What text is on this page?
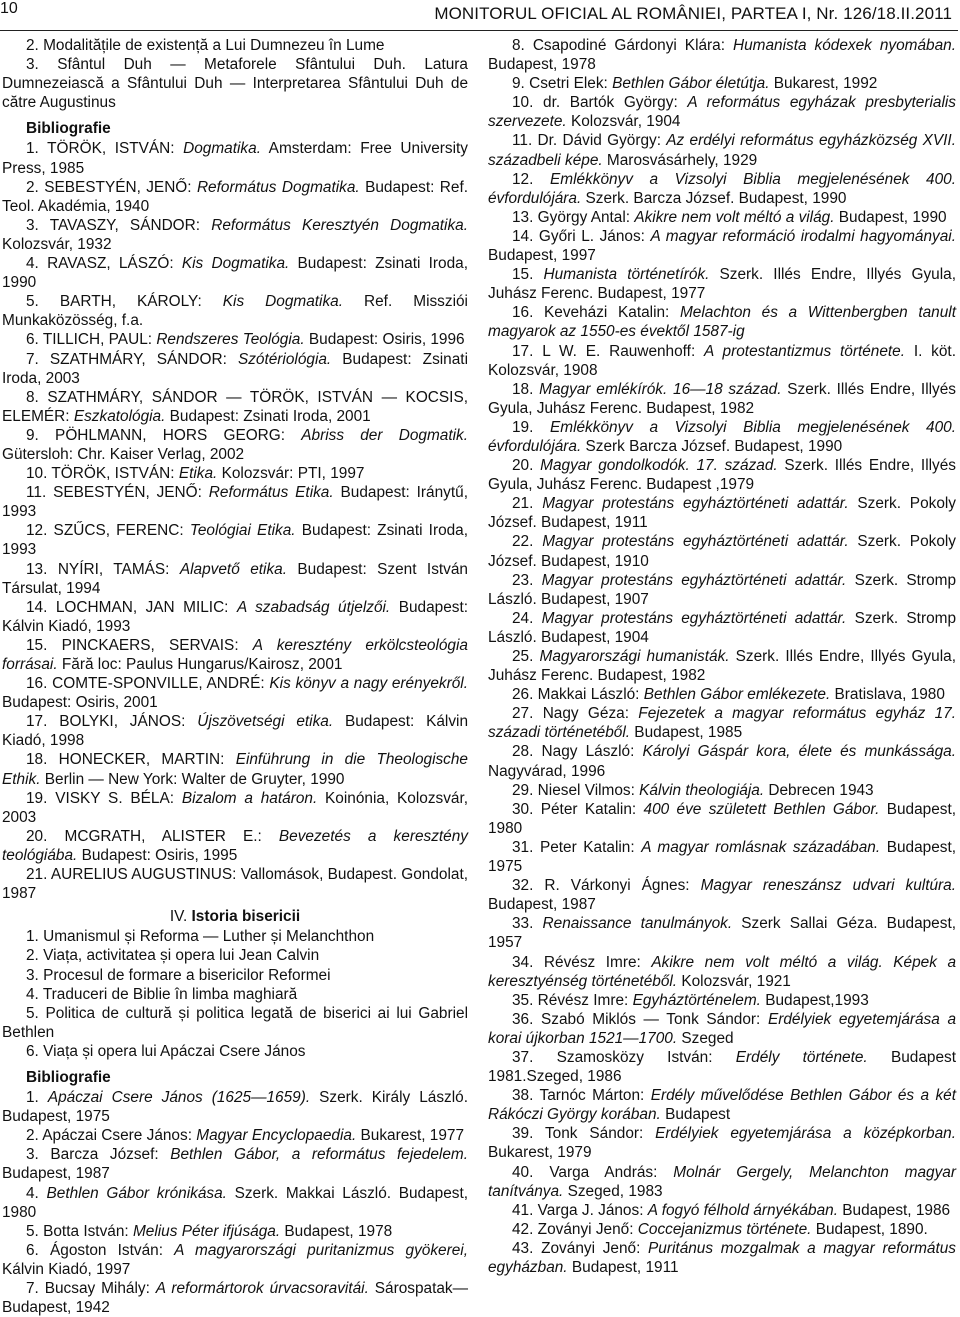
10	MONITORUL OFICIAL AL ROMÂNIEI, PARTEA I, Nr. 126/18.II.2011

2. Modalitățile de existență a Lui Dumnezeu în Lume

3. Sfântul Duh — Metaforele Sfântului Duh. Latura Dumnezeiască a Sfântului Duh — Interpretarea Sfântului Duh de către Augustinus

Bibliografie

1. TÖRÖK, ISTVÁN: Dogmatika. Amsterdam: Free University Press, 1985

2. SEBESTYÉN, JENŐ: Református Dogmatika. Budapest: Ref. Teol. Akadémia, 1940

3. TAVASZY, SÁNDOR: Református Keresztyén Dogmatika. Kolozsvár, 1932

4. RAVASZ, LÁSZÓ: Kis Dogmatika. Budapest: Zsinati Iroda, 1990

5. BARTH, KÁROLY: Kis Dogmatika. Ref. Missziói Munkaközösség, f.a.

6. TILLICH, PAUL: Rendszeres Teológia. Budapest: Osiris, 1996

7. SZATHMÁRY, SÁNDOR: Szótériológia. Budapest: Zsinati Iroda, 2003

8. SZATHMÁRY, SÁNDOR — TÖRÖK, ISTVÁN — KOCSIS, ELEMÉR: Eszkatológia. Budapest: Zsinati Iroda, 2001

9. PÖHLMANN, HORS GEORG: Abriss der Dogmatik. Gütersloh: Chr. Kaiser Verlag, 2002

10. TÖRÖK, ISTVÁN: Etika. Kolozsvár: PTI, 1997

11. SEBESTYÉN, JENŐ: Református Etika. Budapest: Iránytű, 1993

12. SZŰCS, FERENC: Teológiai Etika. Budapest: Zsinati Iroda, 1993

13. NYÍRI, TAMÁS: Alapvető etika. Budapest: Szent István Társulat, 1994

14. LOCHMAN, JAN MILIC: A szabadság útjelzői. Budapest: Kálvin Kiadó, 1993

15. PINCKAERS, SERVAIS: A keresztény erkölcsteológia forrásai. Fără loc: Paulus Hungarus/Kairosz, 2001

16. COMTE-SPONVILLE, ANDRÉ: Kis könyv a nagy erényekről. Budapest: Osiris, 2001

17. BOLYKI, JÁNOS: Újszövetségi etika. Budapest: Kálvin Kiadó, 1998

18. HONECKER, MARTIN: Einführung in die Theologische Ethik. Berlin — New York: Walter de Gruyter, 1990

19. VISKY S. BÉLA: Bizalom a határon. Koinónia, Kolozsvár, 2003

20. MCGRATH, ALISTER E.: Bevezetés a keresztény teológiába. Budapest: Osiris, 1995

21. AURELIUS AUGUSTINUS: Vallomások, Budapest. Gondolat, 1987

IV. Istoria bisericii

1. Umanismul și Reforma — Luther și Melanchthon

2. Viața, activitatea și opera lui Jean Calvin

3. Procesul de formare a bisericilor Reformei

4. Traduceri de Biblie în limba maghiară

5. Politica de cultură și politica legată de biserici ai lui Gabriel Bethlen

6. Viața și opera lui Apáczai Csere János

Bibliografie

1. Apáczai Csere János (1625—1659). Szerk. Király László. Budapest, 1975

2. Apáczai Csere János: Magyar Encyclopaedia. Bukarest, 1977

3. Barcza József: Bethlen Gábor, a református fejedelem. Budapest, 1987

4. Bethlen Gábor krónikása. Szerk. Makkai László. Budapest, 1980

5. Botta István: Melius Péter ifjúsága. Budapest, 1978

6. Ágoston István: A magyarországi puritanizmus gyökerei, Kálvin Kiadó, 1997

7. Bucsay Mihály: A reformártorok úrvacsoravitái. Sárospatak—Budapest, 1942

8. Csapodiné Gárdonyi Klára: Humanista kódexek nyomában. Budapest, 1978

9. Csetri Elek: Bethlen Gábor életútja. Bukarest, 1992

10. dr. Bartók György: A református egyházak presbyterialis szervezete. Kolozsvár, 1904

11. Dr. Dávid György: Az erdélyi református egyházközség XVII. századbeli képe. Marosvásárhely, 1929

12. Emlékkönyv a Vizsolyi Biblia megjelenésének 400. évfordulójára. Szerk. Barcza József. Budapest, 1990

13. György Antal: Akikre nem volt méltó a világ. Budapest, 1990

14. Győri L. János: A magyar reformáció irodalmi hagyományai. Budapest, 1997

15. Humanista történetírók. Szerk. Illés Endre, Illyés Gyula, Juhász Ferenc. Budapest, 1977

16. Keveházi Katalin: Melachton és a Wittenbergben tanult magyarok az 1550-es évektől 1587-ig

17. L W. E. Rauwenhoff: A protestantizmus története. I. köt. Kolozsvár, 1908

18. Magyar emlékírók. 16—18 század. Szerk. Illés Endre, Illyés Gyula, Juhász Ferenc. Budapest, 1982

19. Emlékkönyv a Vizsolyi Biblia megjelenésének 400. évfordulójára. Szerk Barcza József. Budapest, 1990

20. Magyar gondolkodók. 17. század. Szerk. Illés Endre, Illyés Gyula, Juhász Ferenc. Budapest ,1979

21. Magyar protestáns egyháztörténeti adattár. Szerk. Pokoly József. Budapest, 1911

22. Magyar protestáns egyháztörténeti adattár. Szerk. Pokoly József. Budapest, 1910

23. Magyar protestáns egyháztörténeti adattár. Szerk. Stromp László. Budapest, 1907

24. Magyar protestáns egyháztörténeti adattár. Szerk. Stromp László. Budapest, 1904

25. Magyarországi humanisták. Szerk. Illés Endre, Illyés Gyula, Juhász Ferenc. Budapest, 1982

26. Makkai László: Bethlen Gábor emlékezete. Bratislava, 1980

27. Nagy Géza: Fejezetek a magyar református egyház 17. századi történetéből. Budapest, 1985

28. Nagy László: Károlyi Gáspár kora, élete és munkássága. Nagyvárad, 1996

29. Niesel Vilmos: Kálvin theologiája. Debrecen 1943

30. Péter Katalin: 400 éve született Bethlen Gábor. Budapest, 1980

31. Peter Katalin: A magyar romlásnak századában. Budapest, 1975

32. R. Várkonyi Ágnes: Magyar reneszánsz udvari kultúra. Budapest, 1987

33. Renaissance tanulmányok. Szerk Sallai Géza. Budapest, 1957

34. Révész Imre: Akikre nem volt méltó a világ. Képek a keresztyénség történetéből. Kolozsvár, 1921

35. Révész Imre: Egyháztörténelem. Budapest,1993

36. Szabó Miklós — Tonk Sándor: Erdélyiek egyetemjárása a korai újkorban 1521—1700. Szeged

37. Szamosközy István: Erdély története. Budapest 1981.Szeged, 1986

38. Tarnóc Márton: Erdély művelődése Bethlen Gábor és a két Rákóczi György korában. Budapest

39. Tonk Sándor: Erdélyiek egyetemjárása a középkorban. Bukarest, 1979

40. Varga András: Molnár Gergely, Melanchton magyar tanítványa. Szeged, 1983

41. Varga J. János: A fogyó félhold árnyékában. Budapest, 1986

42. Zoványi Jenő: Coccejanizmus története. Budapest, 1890.

43. Zoványi Jenő: Puritánus mozgalmak a magyar református egyházban. Budapest, 1911
